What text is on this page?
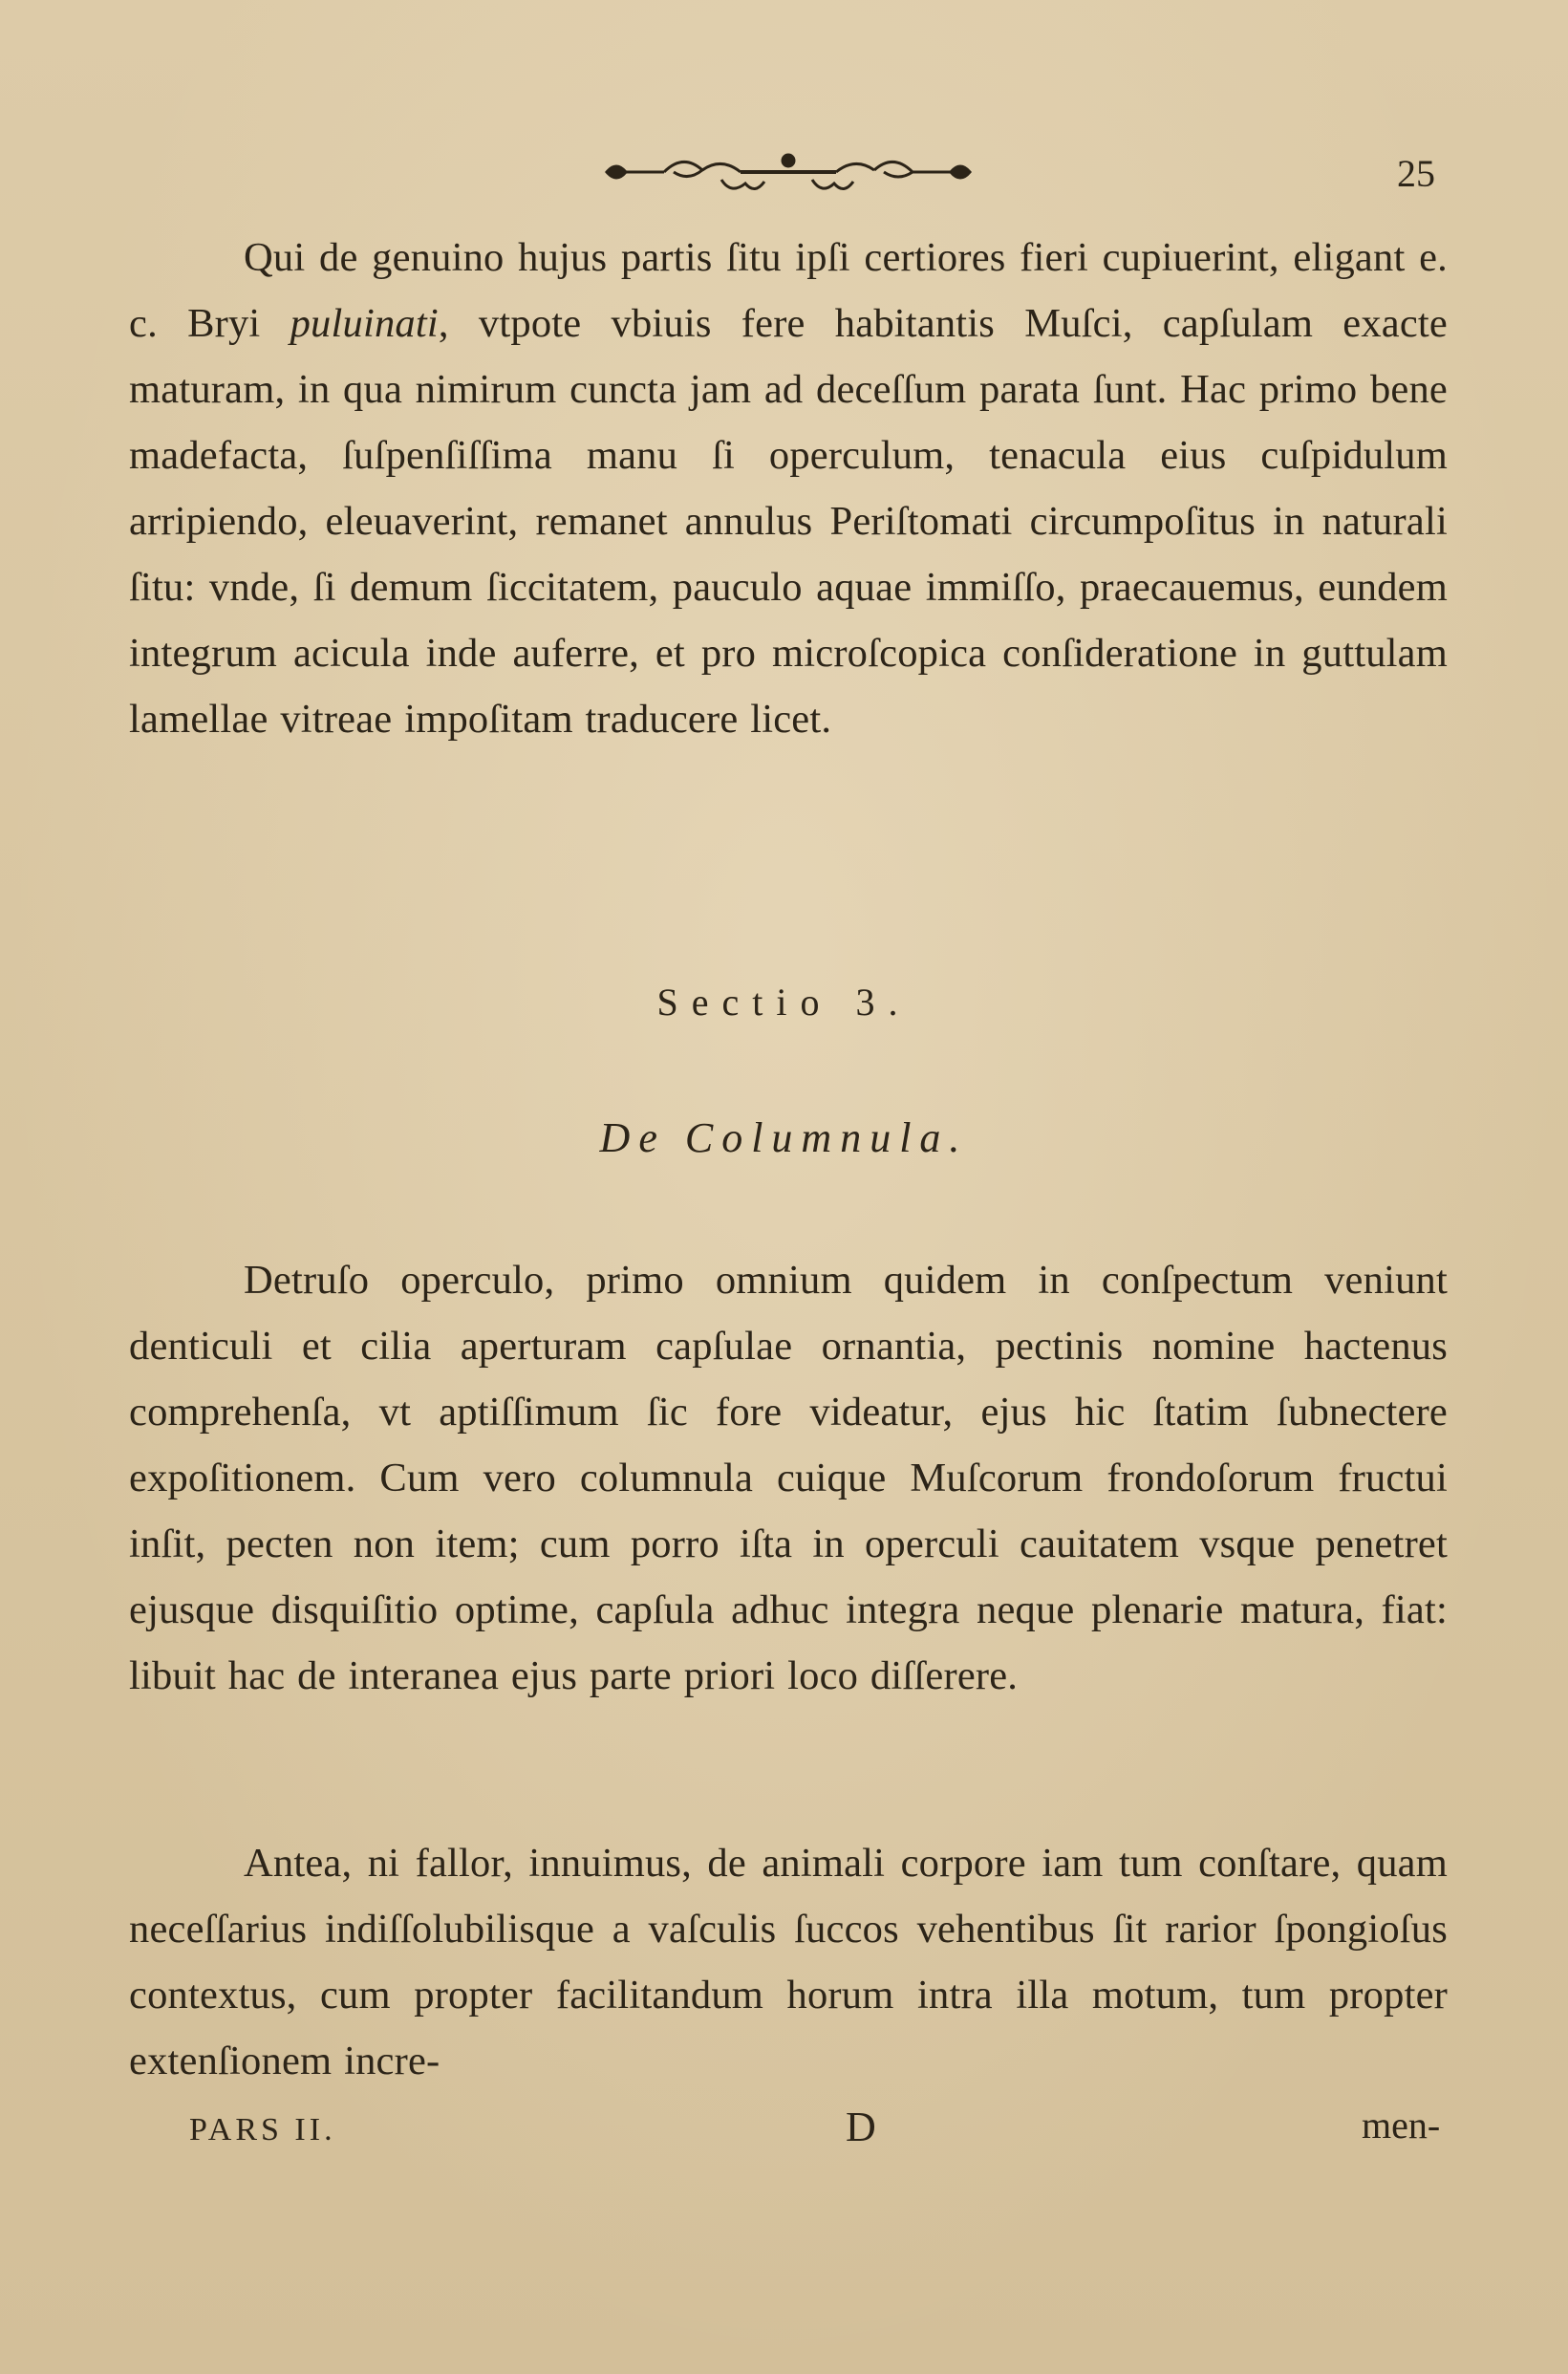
25

Qui de genuino hujus partis ſitu ipſi certiores fieri cupiuerint, eligant e. c. Bryi puluinati, vtpote vbiuis fere habitantis Muſci, capſulam exacte maturam, in qua nimirum cuncta jam ad deceſſum parata ſunt. Hac primo bene madefacta, ſuſpenſiſſima manu ſi operculum, tenacula eius cuſpidulum arripiendo, eleuaverint, remanet annulus Periſtomati circumpoſitus in naturali ſitu: vnde, ſi demum ſiccitatem, pauculo aquae immiſſo, praecauemus, eundem integrum acicula inde auferre, et pro microſcopica conſideratione in guttulam lamellae vitreae impoſitam traducere licet.

Sectio 3.
De Columnula.

Detruſo operculo, primo omnium quidem in conſpectum veniunt denticuli et cilia aperturam capſulae ornantia, pectinis nomine hactenus comprehenſa, vt aptiſſimum ſic fore videatur, ejus hic ſtatim ſubnectere expoſitionem. Cum vero columnula cuique Muſcorum frondoſorum fructui inſit, pecten non item; cum porro iſta in operculi cauitatem vsque penetret ejusque disquiſitio optime, capſula adhuc integra neque plenarie matura, fiat: libuit hac de interanea ejus parte priori loco diſſerere.

Antea, ni fallor, innuimus, de animali corpore iam tum conſtare, quam neceſſarius indiſſolubilisque a vaſculis ſuccos vehentibus ſit rarior ſpongioſus contextus, cum propter facilitandum horum intra illa motum, tum propter extenſionem incre-

PARS II.	D	men-
